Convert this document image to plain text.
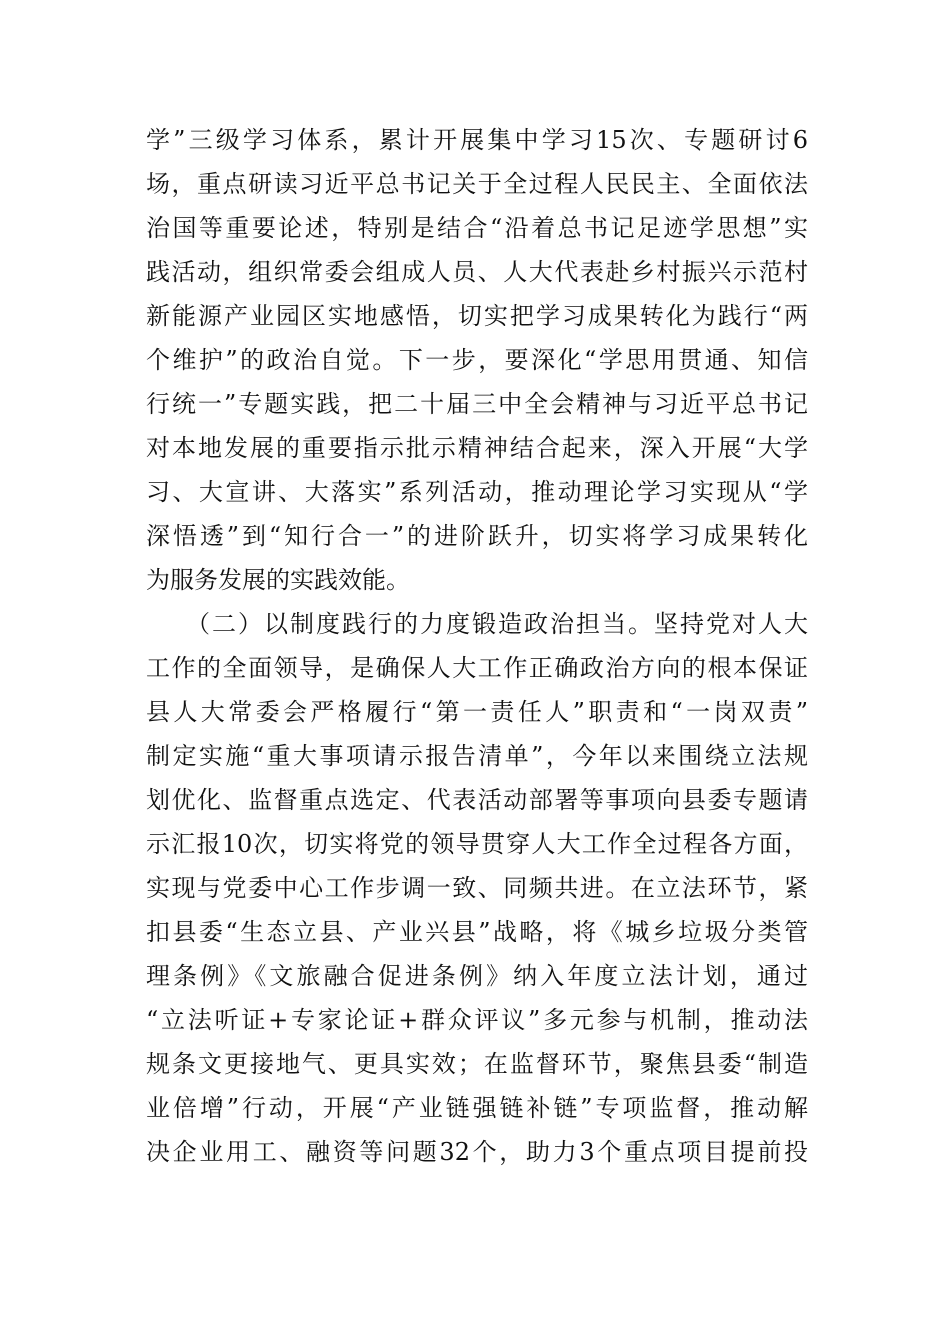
学”三级学习体系，累计开展集中学习15次、专题研讨6
场，重点研读习近平总书记关于全过程人民民主、全面依法
治国等重要论述，特别是结合“沿着总书记足迹学思想”实
践活动，组织常委会组成人员、人大代表赴乡村振兴示范村
新能源产业园区实地感悟，切实把学习成果转化为践行“两
个维护”的政治自觉。下一步，要深化“学思用贯通、知信
行统一”专题实践，把二十届三中全会精神与习近平总书记
对本地发展的重要指示批示精神结合起来，深入开展“大学
习、大宣讲、大落实”系列活动，推动理论学习实现从“学
深悟透”到“知行合一”的进阶跃升，切实将学习成果转化
为服务发展的实践效能。
　　（二）以制度践行的力度锻造政治担当。坚持党对人大
工作的全面领导，是确保人大工作正确政治方向的根本保证
县人大常委会严格履行“第一责任人”职责和“一岗双责”
制定实施“重大事项请示报告清单”，今年以来围绕立法规
划优化、监督重点选定、代表活动部署等事项向县委专题请
示汇报10次，切实将党的领导贯穿人大工作全过程各方面，
实现与党委中心工作步调一致、同频共进。在立法环节，紧
扣县委“生态立县、产业兴县”战略，将《城乡垃圾分类管
理条例》《文旅融合促进条例》纳入年度立法计划，通过
“立法听证+专家论证+群众评议”多元参与机制，推动法
规条文更接地气、更具实效；在监督环节，聚焦县委“制造
业倍增”行动，开展“产业链强链补链”专项监督，推动解
决企业用工、融资等问题32个，助力3个重点项目提前投
